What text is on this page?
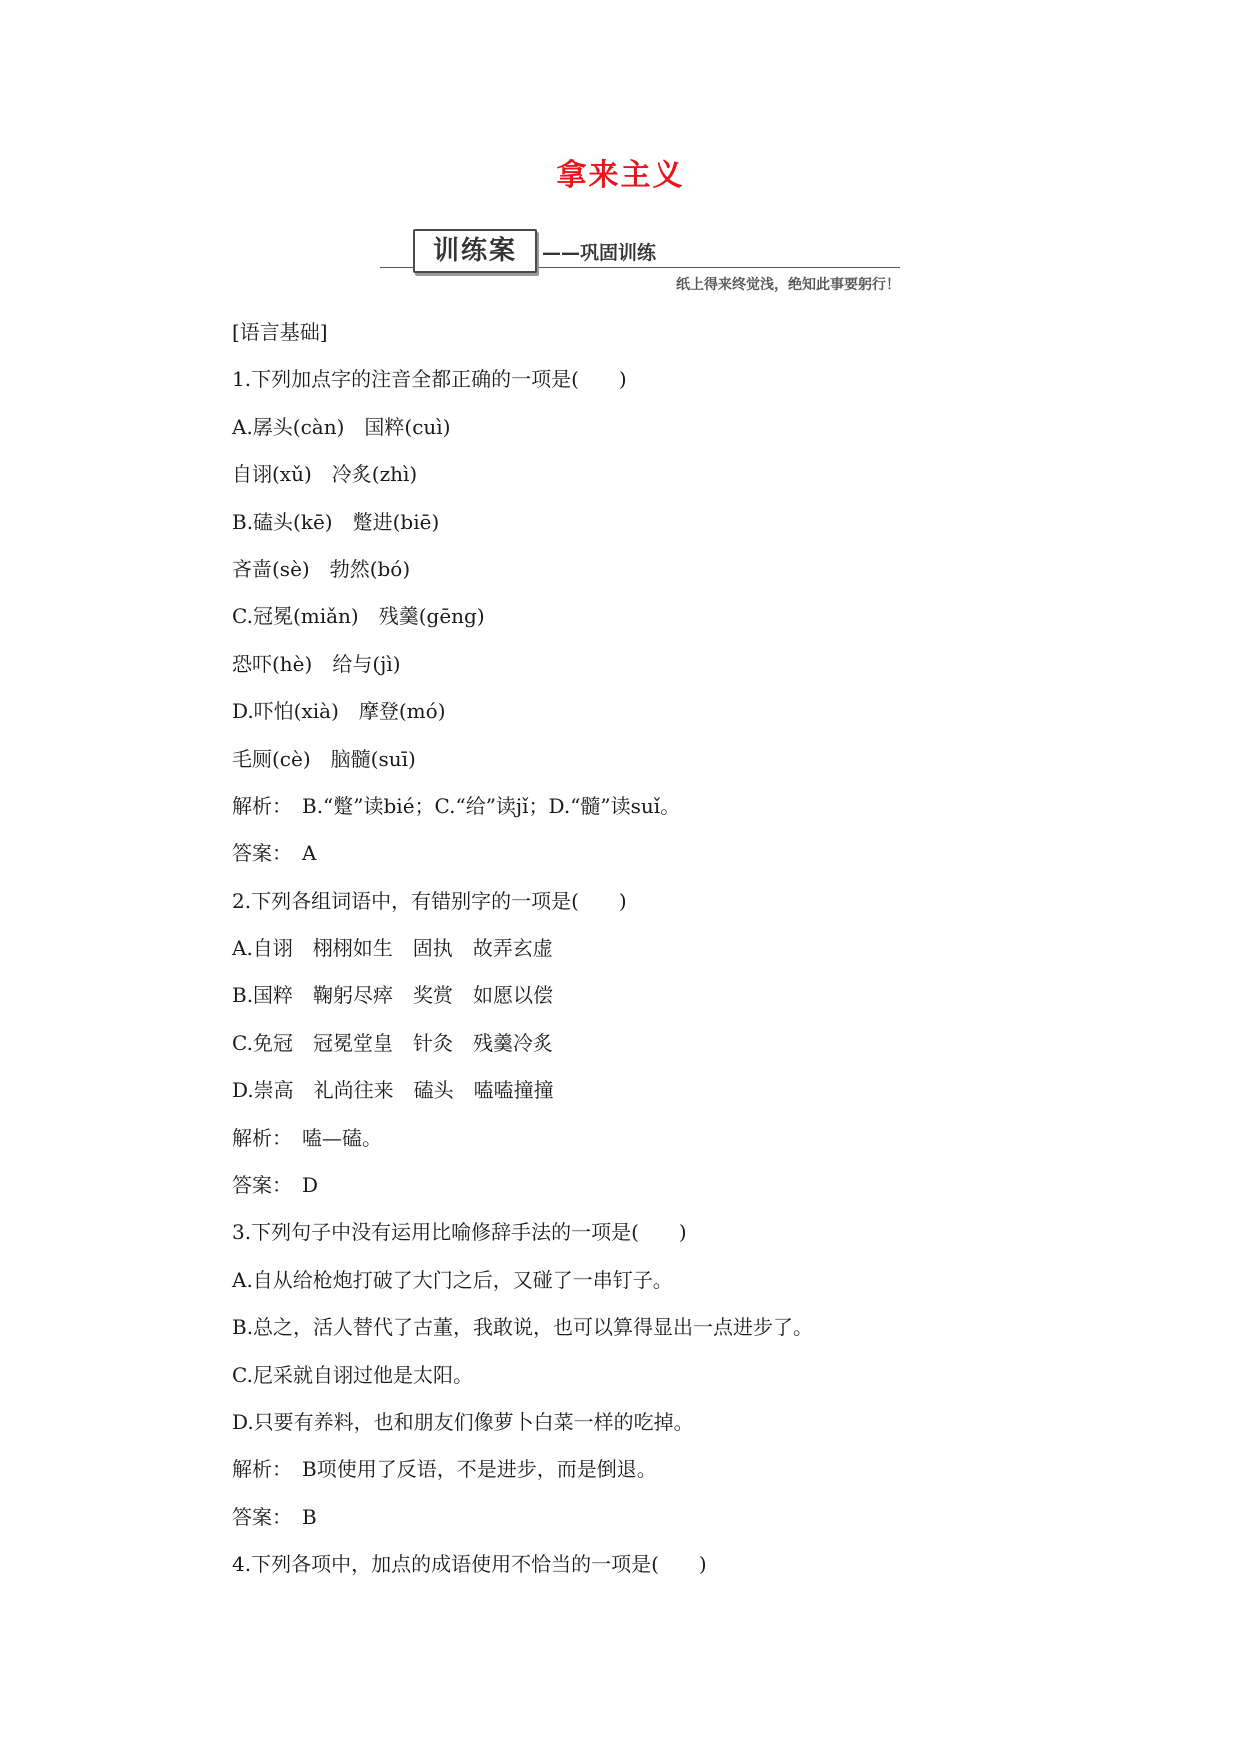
拿来主义
训练案	——巩固训练
纸上得来终觉浅，绝知此事要躬行！
[语言基础]
1.下列加点字的注音全都正确的一项是(　　)
A.孱头(càn)　国粹(cuì)
自诩(xǔ)　冷炙(zhì)
B.磕头(kē)　蹩进(biē)
吝啬(sè)　勃然(bó)
C.冠冕(miǎn)　残羹(gēng)
恐吓(hè)　给与(jì)
D.吓怕(xià)　摩登(mó)
毛厕(cè)　脑髓(suī)
解析：　B.“蹩”读bié；C.“给”读jǐ；D.“髓”读suǐ。
答案：　A
2.下列各组词语中，有错别字的一项是(　　)
A.自诩　栩栩如生　固执　故弄玄虚
B.国粹　鞠躬尽瘁　奖赏　如愿以偿
C.免冠　冠冕堂皇　针灸　残羹冷炙
D.崇高　礼尚往来　磕头　嗑嗑撞撞
解析：　嗑—磕。
答案：　D
3.下列句子中没有运用比喻修辞手法的一项是(　　)
A.自从给枪炮打破了大门之后，又碰了一串钉子。
B.总之，活人替代了古董，我敢说，也可以算得显出一点进步了。
C.尼采就自诩过他是太阳。
D.只要有养料，也和朋友们像萝卜白菜一样的吃掉。
解析：　B项使用了反语，不是进步，而是倒退。
答案：　B
4.下列各项中，加点的成语使用不恰当的一项是(　　)
